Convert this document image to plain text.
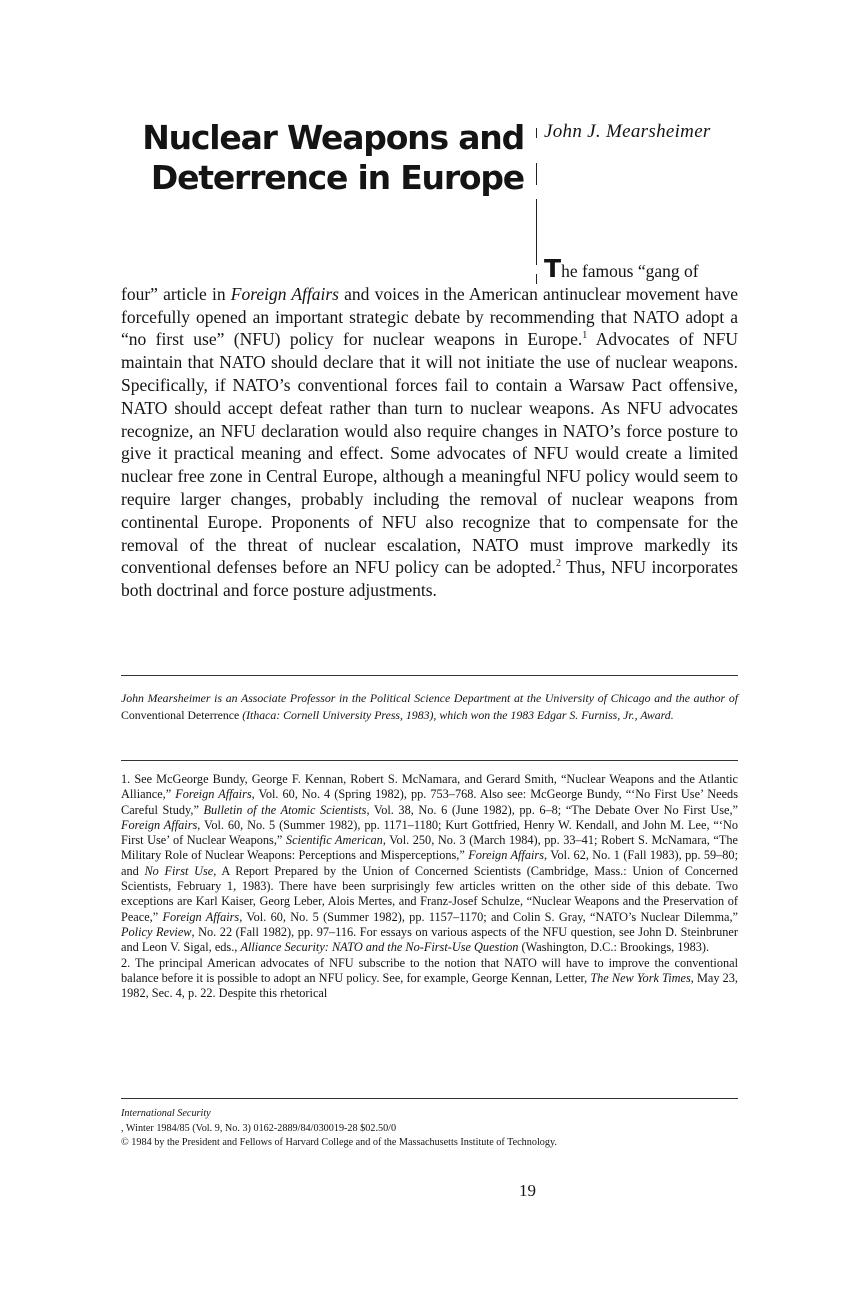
Nuclear Weapons and
Deterrence in Europe

John J. Mearsheimer

The famous “gang of
four” article in Foreign Affairs and voices in the American antinuclear movement have forcefully opened an important strategic debate by recommending that NATO adopt a “no first use” (NFU) policy for nuclear weapons in Europe.$^1$ Advocates of NFU maintain that NATO should declare that it will not initiate the use of nuclear weapons. Specifically, if NATO’s conventional forces fail to contain a Warsaw Pact offensive, NATO should accept defeat rather than turn to nuclear weapons. As NFU advocates recognize, an NFU declaration would also require changes in NATO’s force posture to give it practical meaning and effect. Some advocates of NFU would create a limited nuclear free zone in Central Europe, although a meaningful NFU policy would seem to require larger changes, probably including the removal of nuclear weapons from continental Europe. Proponents of NFU also recognize that to compensate for the removal of the threat of nuclear escalation, NATO must improve markedly its conventional defenses before an NFU policy can be adopted.$^2$ Thus, NFU incorporates both doctrinal and force posture adjustments.

John Mearsheimer is an Associate Professor in the Political Science Department at the University of Chicago and the author of Conventional Deterrence (Ithaca: Cornell University Press, 1983), which won the 1983 Edgar S. Furniss, Jr., Award.

1. See McGeorge Bundy, George F. Kennan, Robert S. McNamara, and Gerard Smith, “Nuclear Weapons and the Atlantic Alliance,” Foreign Affairs, Vol. 60, No. 4 (Spring 1982), pp. 753–768. Also see: McGeorge Bundy, “‘No First Use’ Needs Careful Study,” Bulletin of the Atomic Scientists, Vol. 38, No. 6 (June 1982), pp. 6–8; “The Debate Over No First Use,” Foreign Affairs, Vol. 60, No. 5 (Summer 1982), pp. 1171–1180; Kurt Gottfried, Henry W. Kendall, and John M. Lee, “‘No First Use’ of Nuclear Weapons,” Scientific American, Vol. 250, No. 3 (March 1984), pp. 33–41; Robert S. McNamara, “The Military Role of Nuclear Weapons: Perceptions and Misperceptions,” Foreign Affairs, Vol. 62, No. 1 (Fall 1983), pp. 59–80; and No First Use, A Report Prepared by the Union of Concerned Scientists (Cambridge, Mass.: Union of Concerned Scientists, February 1, 1983). There have been surprisingly few articles written on the other side of this debate. Two exceptions are Karl Kaiser, Georg Leber, Alois Mertes, and Franz-Josef Schulze, “Nuclear Weapons and the Preservation of Peace,” Foreign Affairs, Vol. 60, No. 5 (Summer 1982), pp. 1157–1170; and Colin S. Gray, “NATO’s Nuclear Dilemma,” Policy Review, No. 22 (Fall 1982), pp. 97–116. For essays on various aspects of the NFU question, see John D. Steinbruner and Leon V. Sigal, eds., Alliance Security: NATO and the No-First-Use Question (Washington, D.C.: Brookings, 1983).

2. The principal American advocates of NFU subscribe to the notion that NATO will have to improve the conventional balance before it is possible to adopt an NFU policy. See, for example, George Kennan, Letter, The New York Times, May 23, 1982, Sec. 4, p. 22. Despite this rhetorical

International Security
, Winter 1984/85 (Vol. 9, No. 3) 0162-2889/84/030019-28 $02.50/0
© 1984 by the President and Fellows of Harvard College and of the Massachusetts Institute of Technology.

19
